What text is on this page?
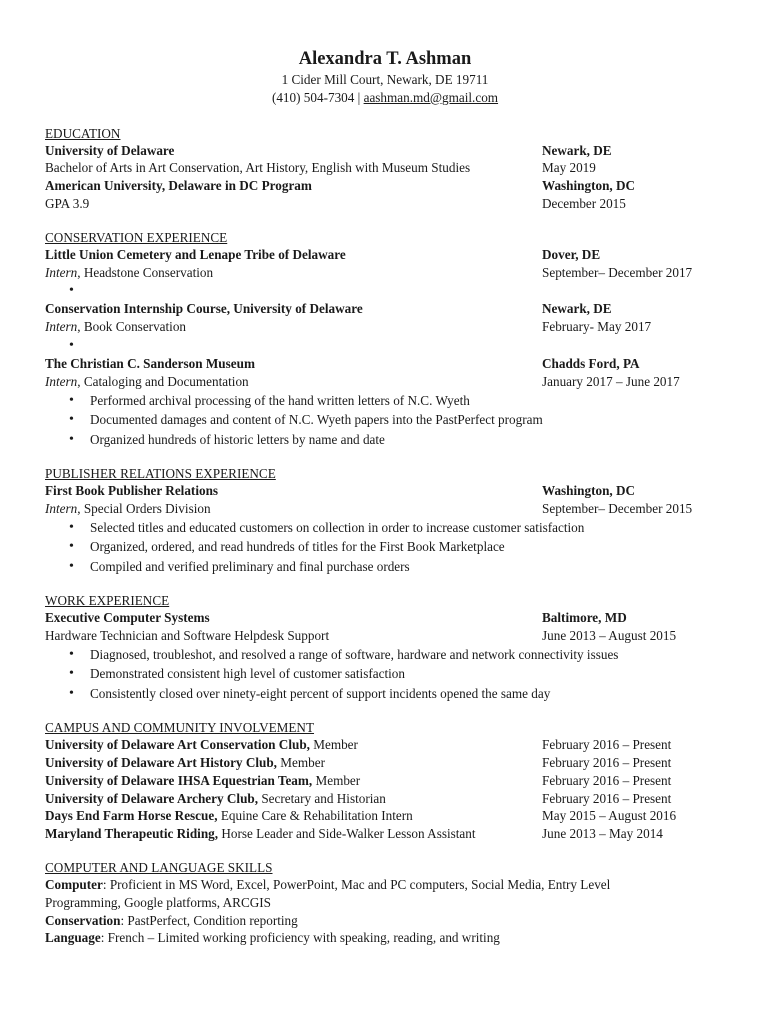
Alexandra T. Ashman
1 Cider Mill Court, Newark, DE 19711
(410) 504-7304 | aashman.md@gmail.com
EDUCATION
University of Delaware	Newark, DE
Bachelor of Arts in Art Conservation, Art History, English with Museum Studies	May 2019
American University, Delaware in DC Program	Washington, DC
GPA 3.9	December 2015
CONSERVATION EXPERIENCE
Little Union Cemetery and Lenape Tribe of Delaware	Dover, DE
Intern, Headstone Conservation	September– December 2017
•
Conservation Internship Course, University of Delaware	Newark, DE
Intern, Book Conservation	February- May 2017
•
The Christian C. Sanderson Museum	Chadds Ford, PA
Intern, Cataloging and Documentation	January 2017 – June 2017
• Performed archival processing of the hand written letters of N.C. Wyeth
• Documented damages and content of N.C. Wyeth papers into the PastPerfect program
• Organized hundreds of historic letters by name and date
PUBLISHER RELATIONS EXPERIENCE
First Book Publisher Relations	Washington, DC
Intern, Special Orders Division	September– December 2015
• Selected titles and educated customers on collection in order to increase customer satisfaction
• Organized, ordered, and read hundreds of titles for the First Book Marketplace
• Compiled and verified preliminary and final purchase orders
WORK EXPERIENCE
Executive Computer Systems	Baltimore, MD
Hardware Technician and Software Helpdesk Support	June 2013 – August 2015
• Diagnosed, troubleshot, and resolved a range of software, hardware and network connectivity issues
• Demonstrated consistent high level of customer satisfaction
• Consistently closed over ninety-eight percent of support incidents opened the same day
CAMPUS AND COMMUNITY INVOLVEMENT
University of Delaware Art Conservation Club, Member	February 2016 – Present
University of Delaware Art History Club, Member	February 2016 – Present
University of Delaware IHSA Equestrian Team, Member	February 2016 – Present
University of Delaware Archery Club, Secretary and Historian	February 2016 – Present
Days End Farm Horse Rescue, Equine Care & Rehabilitation Intern	May 2015 – August 2016
Maryland Therapeutic Riding, Horse Leader and Side-Walker Lesson Assistant	June 2013 – May 2014
COMPUTER AND LANGUAGE SKILLS

Computer: Proficient in MS Word, Excel, PowerPoint, Mac and PC computers, Social Media, Entry Level

Programming, Google platforms, ARCGIS

Conservation: PastPerfect, Condition reporting

Language: French – Limited working proficiency with speaking, reading, and writing
